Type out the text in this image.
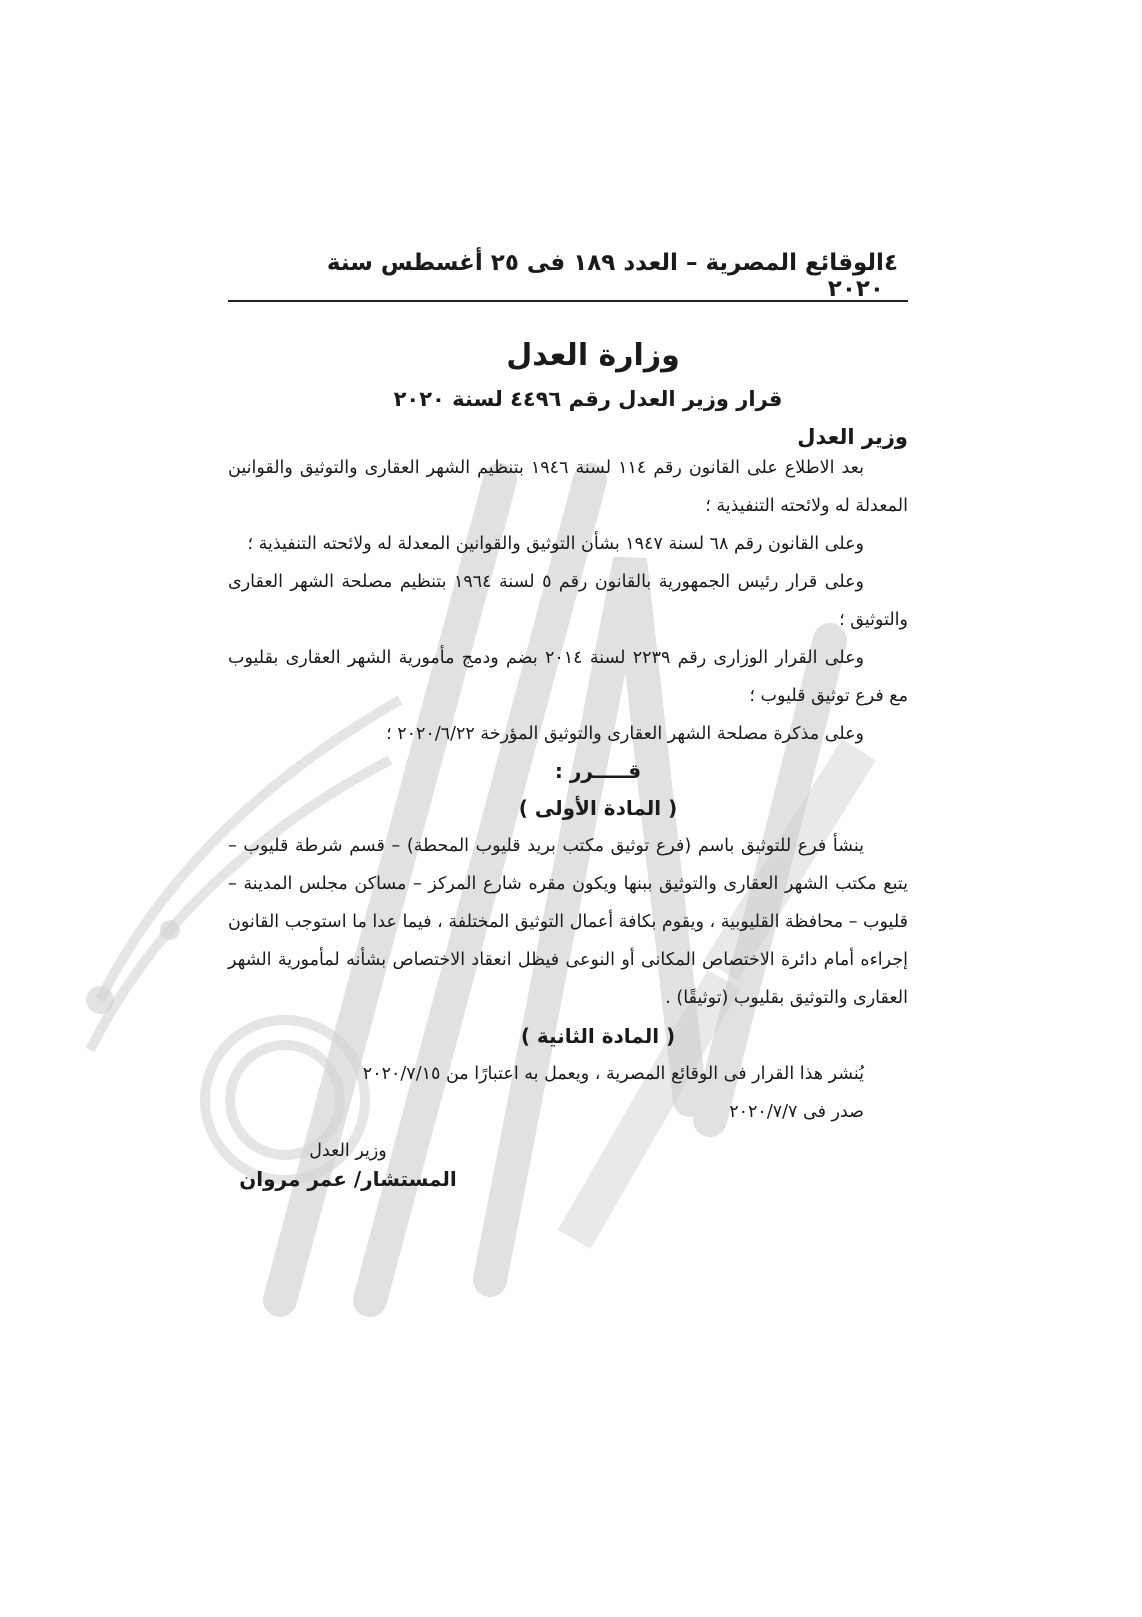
٤
الوقائع المصرية – العدد ١٨٩ فى ٢٥ أغسطس سنة ٢٠٢٠
وزارة العدل
قرار وزير العدل رقم ٤٤٩٦ لسنة ٢٠٢٠
وزير العدل

بعد الاطلاع على القانون رقم ١١٤ لسنة ١٩٤٦ بتنظيم الشهر العقارى والتوثيق والقوانين المعدلة له ولائحته التنفيذية ؛

وعلى القانون رقم ٦٨ لسنة ١٩٤٧ بشأن التوثيق والقوانين المعدلة له ولائحته التنفيذية ؛

وعلى قرار رئيس الجمهورية بالقانون رقم ٥ لسنة ١٩٦٤ بتنظيم مصلحة الشهر العقارى والتوثيق ؛

وعلى القرار الوزارى رقم ٢٢٣٩ لسنة ٢٠١٤ بضم ودمج مأمورية الشهر العقارى بقليوب مع فرع توثيق قليوب ؛

وعلى مذكرة مصلحة الشهر العقارى والتوثيق المؤرخة ٢٠٢٠/٦/٢٢ ؛

قـــــرر :
( المادة الأولى )

ينشأ فرع للتوثيق باسم (فرع توثيق مكتب بريد قليوب المحطة) – قسم شرطة قليوب – يتبع مكتب الشهر العقارى والتوثيق ببنها ويكون مقره شارع المركز – مساكن مجلس المدينة – قليوب – محافظة القليوبية ، ويقوم بكافة أعمال التوثيق المختلفة ، فيما عدا ما استوجب القانون إجراءه أمام دائرة الاختصاص المكانى أو النوعى فيظل انعقاد الاختصاص بشأنه لمأمورية الشهر العقارى والتوثيق بقليوب (توثيقًا) .

( المادة الثانية )

يُنشر هذا القرار فى الوقائع المصرية ، ويعمل به اعتبارًا من ٢٠٢٠/٧/١٥

صدر فى ٢٠٢٠/٧/٧

وزير العدل
المستشار/ عمر مروان
